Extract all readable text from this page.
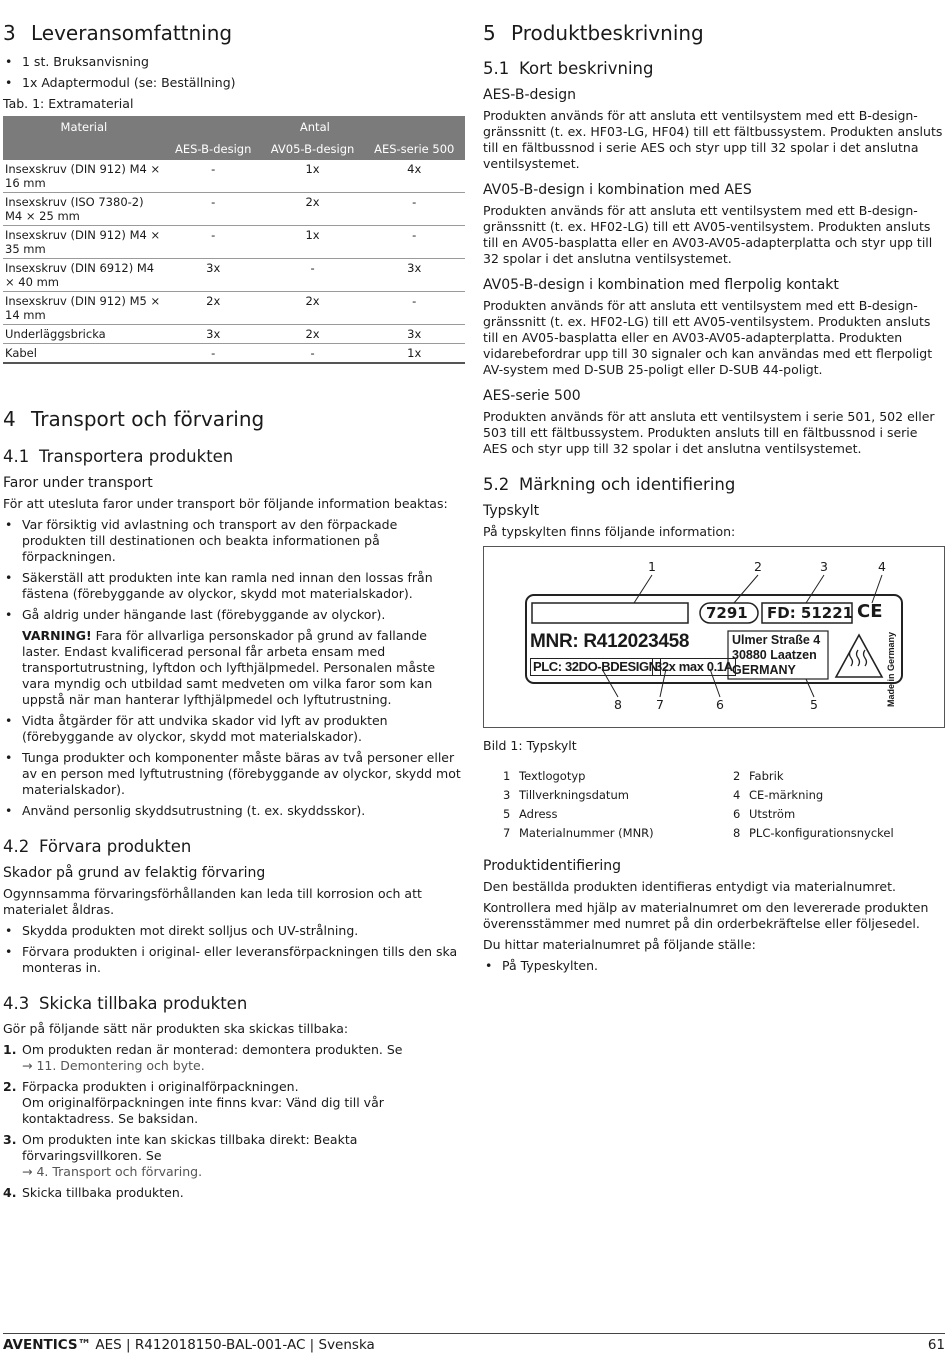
3 Leveransomfattning
• 1 st. Bruksanvisning
• 1x Adaptermodul (se: Beställning)

Tab. 1: Extramaterial

Material	Antal		
	AES-B-design	AV05-B-design	AES-serie 500
Insexskruv (DIN 912) M4 × 16 mm	-	1x	4x
Insexskruv (ISO 7380-2) M4 × 25 mm	-	2x	-
Insexskruv (DIN 912) M4 × 35 mm	-	1x	-
Insexskruv (DIN 6912) M4 × 40 mm	3x	-	3x
Insexskruv (DIN 912) M5 × 14 mm	2x	2x	-
Underläggsbricka	3x	2x	3x
Kabel	-	-	1x
4 Transport och förvaring
4.1 Transportera produkten
Faror under transport

För att utesluta faror under transport bör följande information beaktas:

• Var försiktig vid avlastning och transport av den förpackade produkten till destinationen och beakta informationen på förpackningen.
• Säkerställ att produkten inte kan ramla ned innan den lossas från fästena (förebyggande av olyckor, skydd mot materialskador).
• Gå aldrig under hängande last (förebyggande av olyckor).

VARNING! Fara för allvarliga personskador på grund av fallande laster. Endast kvalificerad personal får arbeta ensam med transportutrustning, lyftdon och lyfthjälpmedel. Personalen måste vara myndig och utbildad samt medveten om vilka faror som kan uppstå när man hanterar lyfthjälpmedel och lyftutrustning.

• Vidta åtgärder för att undvika skador vid lyft av produkten (förebyggande av olyckor, skydd mot materialskador).
• Tunga produkter och komponenter måste bäras av två personer eller av en person med lyftutrustning (förebyggande av olyckor, skydd mot materialskador).
• Använd personlig skyddsutrustning (t. ex. skyddsskor).
4.2 Förvara produkten
Skador på grund av felaktig förvaring

Ogynnsamma förvaringsförhållanden kan leda till korrosion och att materialet åldras.

• Skydda produkten mot direkt solljus och UV-strålning.
• Förvara produkten i original- eller leveransförpackningen tills den ska monteras in.
4.3 Skicka tillbaka produkten

Gör på följande sätt när produkten ska skickas tillbaka:

1. Om produkten redan är monterad: demontera produkten. Se
→ 11. Demontering och byte.
2. Förpacka produkten i originalförpackningen.
Om originalförpackningen inte finns kvar: Vänd dig till vår kontaktadress. Se baksidan.
3. Om produkten inte kan skickas tillbaka direkt: Beakta förvaringsvillkoren. Se
→ 4. Transport och förvaring.
4. Skicka tillbaka produkten.
5 Produktbeskrivning
5.1 Kort beskrivning
AES-B-design

Produkten används för att ansluta ett ventilsystem med ett B-design-gränssnitt (t. ex. HF03-LG, HF04) till ett fältbussystem. Produkten ansluts till en fältbussnod i serie AES och styr upp till 32 spolar i det anslutna ventilsystemet.

AV05-B-design i kombination med AES

Produkten används för att ansluta ett ventilsystem med ett B-design-gränssnitt (t. ex. HF02-LG) till ett AV05-ventilsystem. Produkten ansluts till en AV05-basplatta eller en AV03-AV05-adapterplatta och styr upp till 32 spolar i det anslutna ventilsystemet.

AV05-B-design i kombination med flerpolig kontakt

Produkten används för att ansluta ett ventilsystem med ett B-design-gränssnitt (t. ex. HF02-LG) till ett AV05-ventilsystem. Produkten ansluts till en AV05-basplatta eller en AV03-AV05-adapterplatta. Produkten vidarebefordrar upp till 30 signaler och kan användas med ett flerpoligt AV-system med D-SUB 25-poligt eller D-SUB 44-poligt.

AES-serie 500

Produkten används för att ansluta ett ventilsystem i serie 501, 502 eller 503 till ett fältbussystem. Produkten ansluts till en fältbussnod i serie AES och styr upp till 32 spolar i det anslutna ventilsystemet.

5.2 Märkning och identifiering
Typskylt

På typskylten finns följande information:

7291 FD: 51221 CE
MNR: R412023458	Ulmer Straße 4
30880 Laatzen
GERMANY
PLC: 32DO-BDESIGN
32x max 0.1A	Made in Germany
1	2	3	4
5
6
7
8

Bild 1: Typskylt

1 Textlogotyp	2 Fabrik
3 Tillverkningsdatum	4 CE-märkning
5 Adress	6 Utström
7 Materialnummer (MNR)	8 PLC-konfigurationsnyckel
Produktidentifiering

Den beställda produkten identifieras entydigt via materialnumret.

Kontrollera med hjälp av materialnumret om den levererade produkten överensstämmer med numret på din orderbekräftelse eller följesedel.

Du hittar materialnumret på följande ställe:

• På Typeskylten.
AVENTICS™ AES | R412018150-BAL-001-AC | Svenska	61
